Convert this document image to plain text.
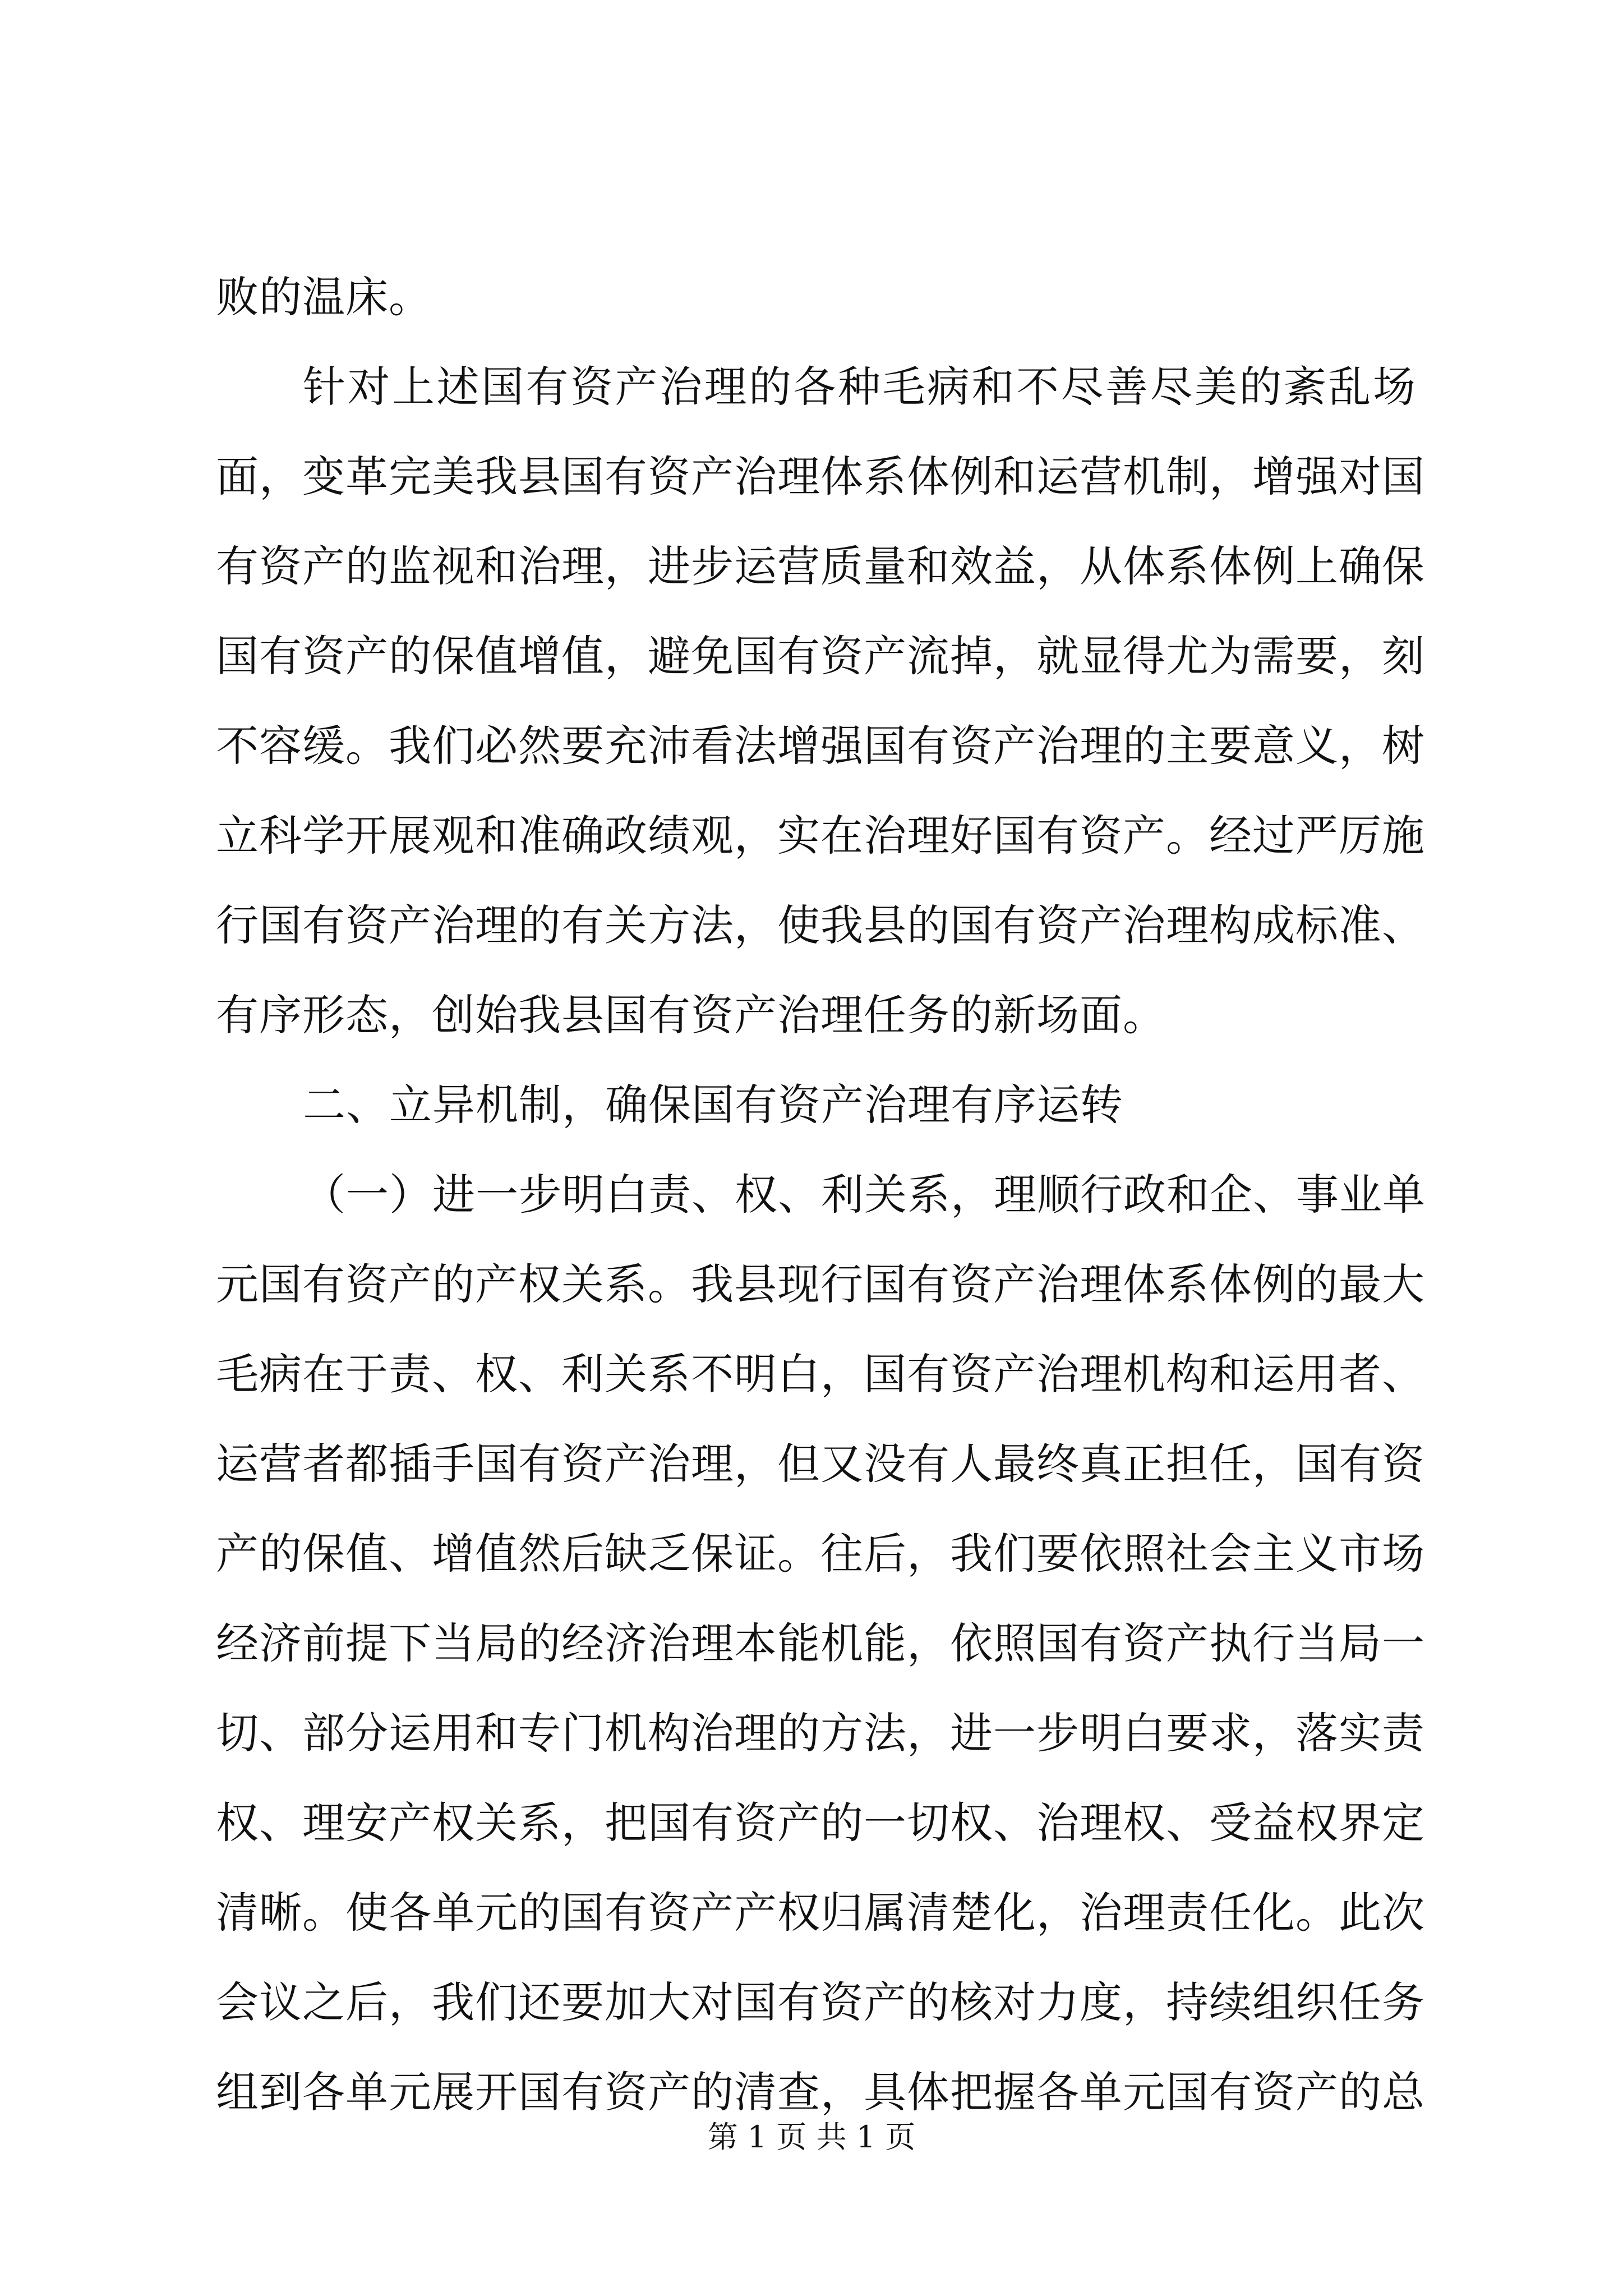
败的温床。
针对上述国有资产治理的各种毛病和不尽善尽美的紊乱场
面，变革完美我县国有资产治理体系体例和运营机制，增强对国
有资产的监视和治理，进步运营质量和效益，从体系体例上确保
国有资产的保值增值，避免国有资产流掉，就显得尤为需要，刻
不容缓。我们必然要充沛看法增强国有资产治理的主要意义，树
立科学开展观和准确政绩观，实在治理好国有资产。经过严厉施
行国有资产治理的有关方法，使我县的国有资产治理构成标准、
有序形态，创始我县国有资产治理任务的新场面。
二、立异机制，确保国有资产治理有序运转
（一）进一步明白责、权、利关系，理顺行政和企、事业单
元国有资产的产权关系。我县现行国有资产治理体系体例的最大
毛病在于责、权、利关系不明白，国有资产治理机构和运用者、
运营者都插手国有资产治理，但又没有人最终真正担任，国有资
产的保值、增值然后缺乏保证。往后，我们要依照社会主义市场
经济前提下当局的经济治理本能机能，依照国有资产执行当局一
切、部分运用和专门机构治理的方法，进一步明白要求，落实责
权、理安产权关系，把国有资产的一切权、治理权、受益权界定
清晰。使各单元的国有资产产权归属清楚化，治理责任化。此次
会议之后，我们还要加大对国有资产的核对力度，持续组织任务
组到各单元展开国有资产的清查，具体把握各单元国有资产的总
第 1 页 共 1 页
